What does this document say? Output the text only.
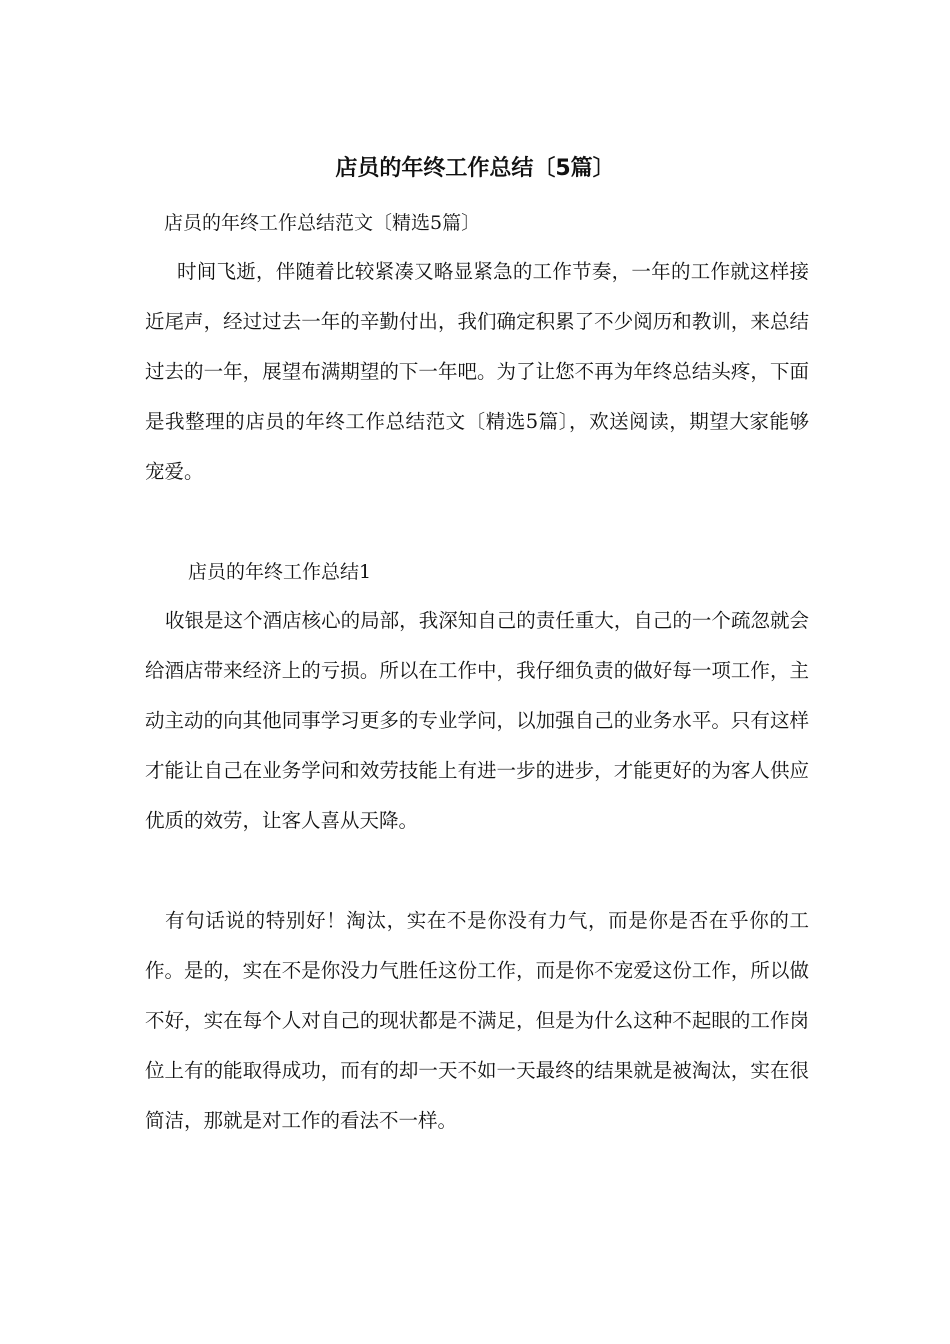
店员的年终工作总结〔5篇〕

店员的年终工作总结范文〔精选5篇〕

时间飞逝，伴随着比较紧凑又略显紧急的工作节奏，一年的工作就这样接近尾声，经过过去一年的辛勤付出，我们确定积累了不少阅历和教训，来总结过去的一年，展望布满期望的下一年吧。为了让您不再为年终总结头疼，下面是我整理的店员的年终工作总结范文〔精选5篇〕，欢送阅读，期望大家能够宠爱。

店员的年终工作总结1

收银是这个酒店核心的局部，我深知自己的责任重大，自己的一个疏忽就会给酒店带来经济上的亏损。所以在工作中，我仔细负责的做好每一项工作，主动主动的向其他同事学习更多的专业学问，以加强自己的业务水平。只有这样才能让自己在业务学问和效劳技能上有进一步的进步，才能更好的为客人供应优质的效劳，让客人喜从天降。

有句话说的特别好！淘汰，实在不是你没有力气，而是你是否在乎你的工作。是的，实在不是你没力气胜任这份工作，而是你不宠爱这份工作，所以做不好，实在每个人对自己的现状都是不满足，但是为什么这种不起眼的工作岗位上有的能取得成功，而有的却一天不如一天最终的结果就是被淘汰，实在很简洁，那就是对工作的看法不一样。
